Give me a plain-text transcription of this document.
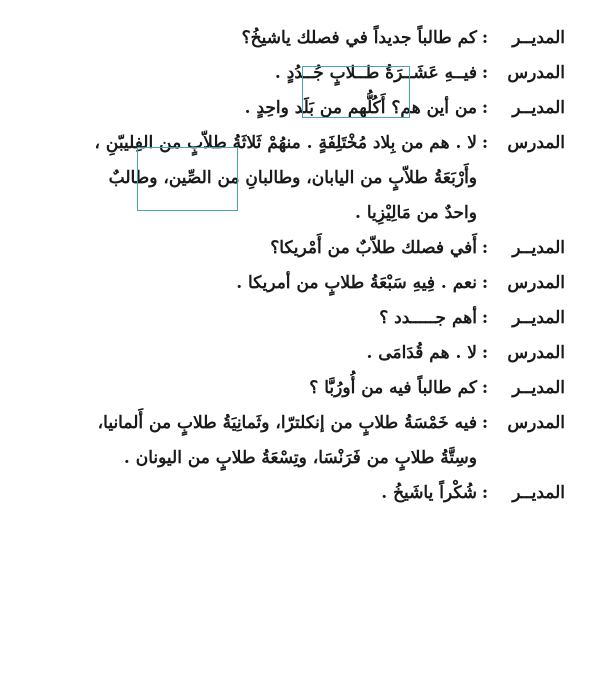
المديــر
:
كم طالباً جديداً في فصلك ياشيخُ؟
المدرس
:
فيــهِ عَشَــرَةُ طــلابٍ جُــدُدٍ .
المديــر
:
من أين هم؟ أَكُلُّهم من بَلَد واحِدٍ .
المدرس
:
لا . هم من بِلاد مُخْتَلِفَةٍ . منهُمْ ثَلاثَةُ طلاّبٍ من الفِليبّنِ ،
وأَرْبَعَةُ طلاّبٍ من اليابان، وطالبانِ من الصِّين، وطالبٌ
واحدٌ من مَالِيْزِيا .
المديــر
:
أَفي فصلك طلاّبٌ من أَمْريكا؟
المدرس
:
نعم . فِيهِ سَبْعَةُ طلابٍ من أمريكا .
المديــر
:
أهم جـــــدد ؟
المدرس
:
لا . هم قُدَامَى .
المديــر
:
كم طالباً فيه من أُورُبَّا ؟
المدرس
:
فيه خَمْسَةُ طلابٍ من إنكلترّا، وثَمانِيَةُ طلابٍ من أَلمانيا،
وسِتَّةُ طلابٍ من فَرَنْسَا، وتِسْعَةُ طلابٍ من اليونان .
المديــر
:
شُكْراً ياشَيخُ .
